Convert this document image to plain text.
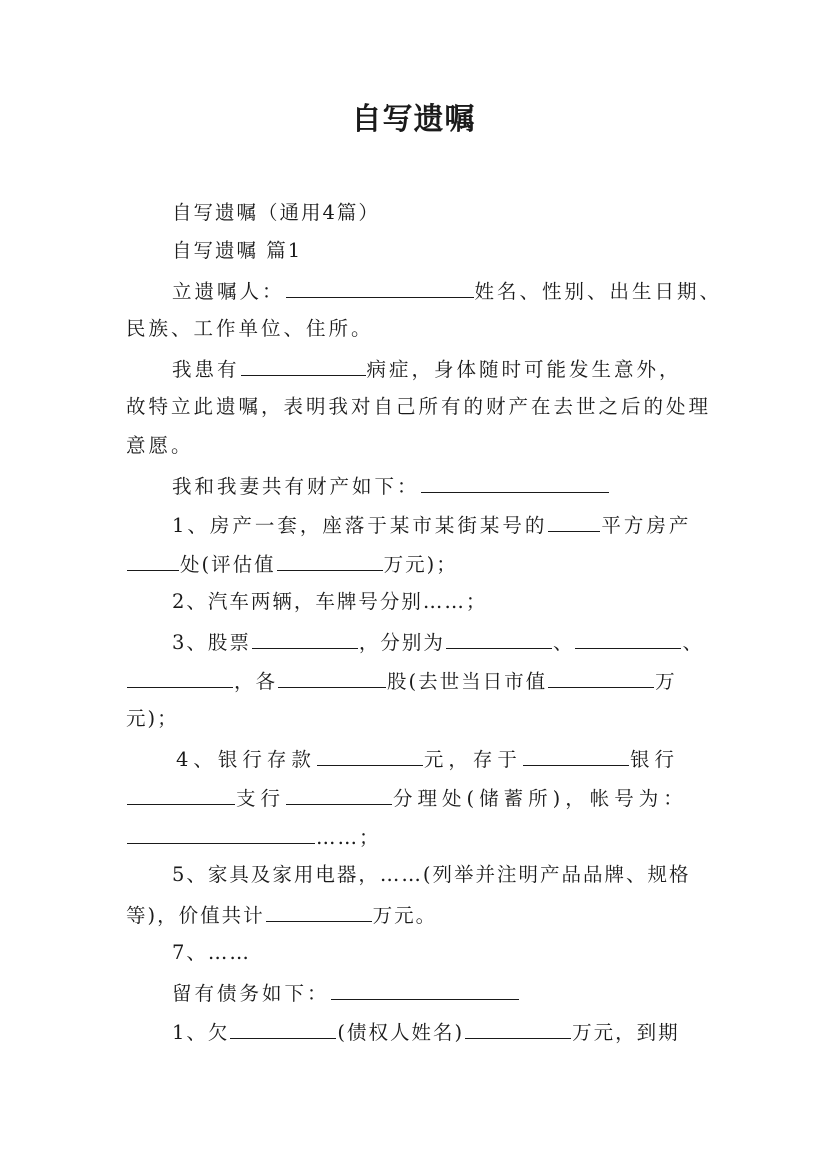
自写遗嘱
自写遗嘱（通用4篇）
自写遗嘱 篇1
立遗嘱人：	姓名、性别、出生日期、
民族、工作单位、住所。
我患有	病症，身体随时可能发生意外，
故特立此遗嘱，表明我对自己所有的财产在去世之后的处理
意愿。
我和我妻共有财产如下：
1、房产一套，座落于某市某街某号的	平方房产
处(评估值	万元)；
2、汽车两辆，车牌号分别……；
3、股票	，分别为	、	、
，各	股(去世当日市值	万
元)；
4、银行存款	元，存于	银行
支行	分理处(储蓄所)，帐号为：
……；
5、家具及家用电器，……(列举并注明产品品牌、规格
等)，价值共计	万元。
7、……
留有债务如下：
1、欠	(债权人姓名)	万元，到期
